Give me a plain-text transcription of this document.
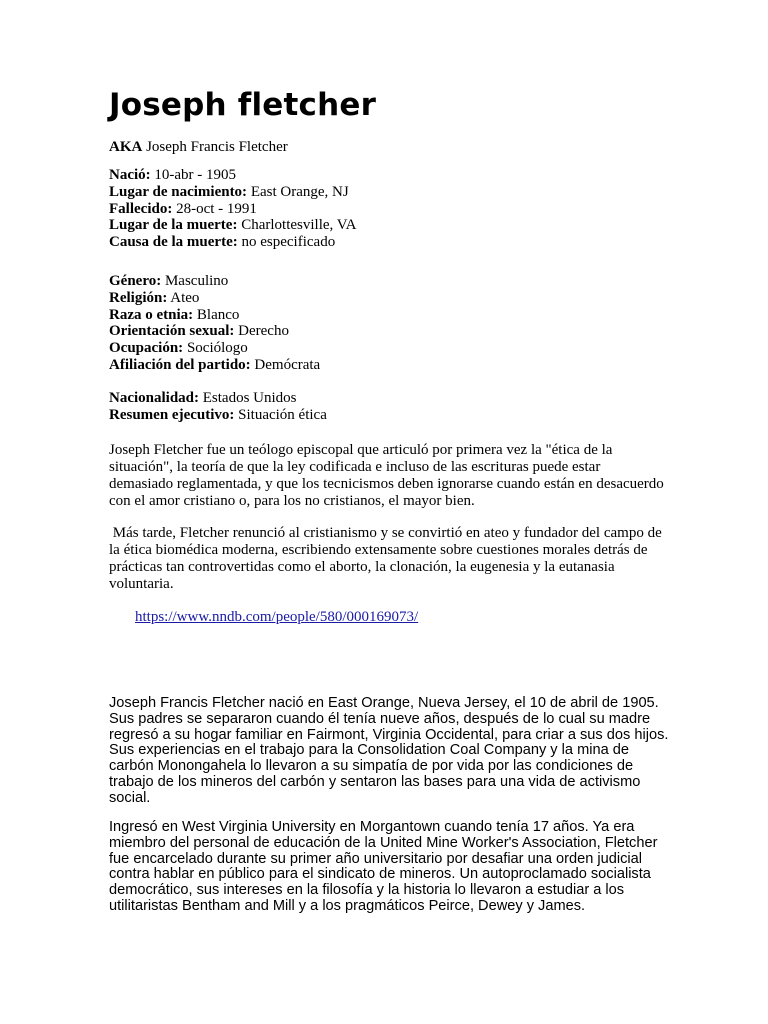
Joseph fletcher
AKA Joseph Francis Fletcher
Nació: 10-abr - 1905
Lugar de nacimiento: East Orange, NJ
Fallecido: 28-oct - 1991
Lugar de la muerte: Charlottesville, VA
Causa de la muerte: no especificado
Género: Masculino
Religión: Ateo
Raza o etnia: Blanco
Orientación sexual: Derecho
Ocupación: Sociólogo
Afiliación del partido: Demócrata
Nacionalidad: Estados Unidos
Resumen ejecutivo: Situación ética

Joseph Fletcher fue un teólogo episcopal que articuló por primera vez la "ética de la situación", la teoría de que la ley codificada e incluso de las escrituras puede estar demasiado reglamentada, y que los tecnicismos deben ignorarse cuando están en desacuerdo con el amor cristiano o, para los no cristianos, el mayor bien.

Más tarde, Fletcher renunció al cristianismo y se convirtió en ateo y fundador del campo de la ética biomédica moderna, escribiendo extensamente sobre cuestiones morales detrás de prácticas tan controvertidas como el aborto, la clonación, la eugenesia y la eutanasia voluntaria.

https://www.nndb.com/people/580/000169073/

Joseph Francis Fletcher nació en East Orange, Nueva Jersey, el 10 de abril de 1905. Sus padres se separaron cuando él tenía nueve años, después de lo cual su madre regresó a su hogar familiar en Fairmont, Virginia Occidental, para criar a sus dos hijos. Sus experiencias en el trabajo para la Consolidation Coal Company y la mina de carbón Monongahela lo llevaron a su simpatía de por vida por las condiciones de trabajo de los mineros del carbón y sentaron las bases para una vida de activismo social.

Ingresó en West Virginia University en Morgantown cuando tenía 17 años. Ya era miembro del personal de educación de la United Mine Worker's Association, Fletcher fue encarcelado durante su primer año universitario por desafiar una orden judicial contra hablar en público para el sindicato de mineros. Un autoproclamado socialista democrático, sus intereses en la filosofía y la historia lo llevaron a estudiar a los utilitaristas Bentham and Mill y a los pragmáticos Peirce, Dewey y James.
